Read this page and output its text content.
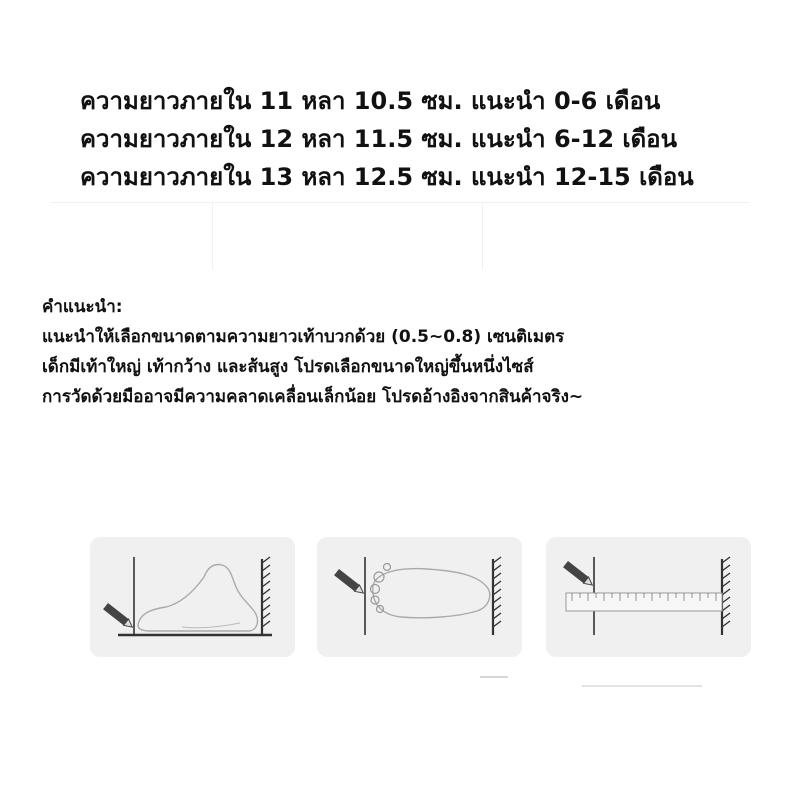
ความยาวภายใน 11 หลา 10.5 ซม. แนะนำ 0-6 เดือน
ความยาวภายใน 12 หลา 11.5 ซม. แนะนำ 6-12 เดือน
ความยาวภายใน 13 หลา 12.5 ซม. แนะนำ 12-15 เดือน
คำแนะนำ:
แนะนำให้เลือกขนาดตามความยาวเท้าบวกด้วย (0.5~0.8) เซนติเมตร
เด็กมีเท้าใหญ่ เท้ากว้าง และส้นสูง โปรดเลือกขนาดใหญ่ขึ้นหนึ่งไซส์
การวัดด้วยมืออาจมีความคลาดเคลื่อนเล็กน้อย โปรดอ้างอิงจากสินค้าจริง~
